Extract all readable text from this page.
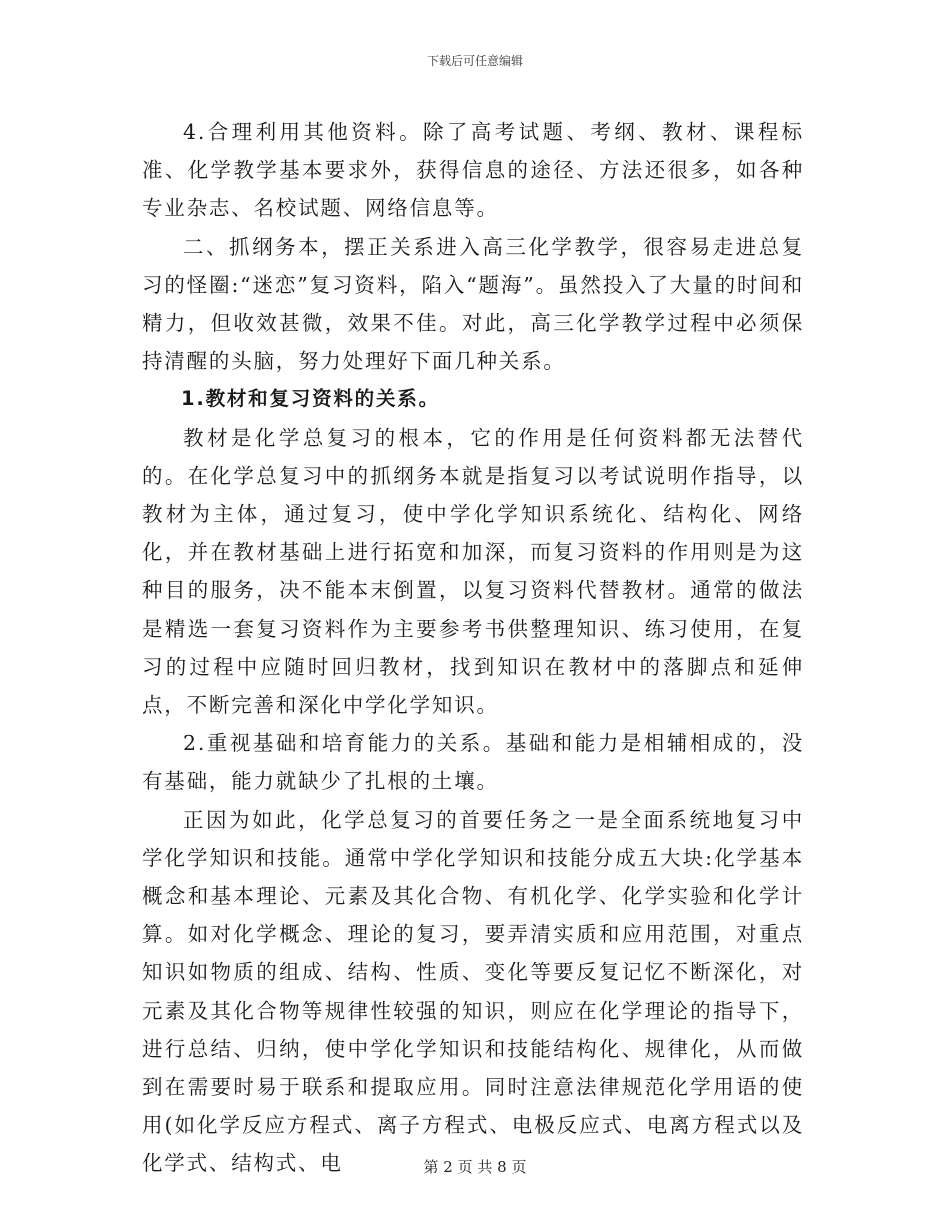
下载后可任意编辑

4.合理利用其他资料。除了高考试题、考纲、教材、课程标准、化学教学基本要求外，获得信息的途径、方法还很多，如各种专业杂志、名校试题、网络信息等。

二、抓纲务本，摆正关系进入高三化学教学，很容易走进总复习的怪圈:“迷恋”复习资料，陷入“题海”。虽然投入了大量的时间和精力，但收效甚微，效果不佳。对此，高三化学教学过程中必须保持清醒的头脑，努力处理好下面几种关系。

1.教材和复习资料的关系。

教材是化学总复习的根本，它的作用是任何资料都无法替代的。在化学总复习中的抓纲务本就是指复习以考试说明作指导，以教材为主体，通过复习，使中学化学知识系统化、结构化、网络化，并在教材基础上进行拓宽和加深，而复习资料的作用则是为这种目的服务，决不能本末倒置，以复习资料代替教材。通常的做法是精选一套复习资料作为主要参考书供整理知识、练习使用，在复习的过程中应随时回归教材，找到知识在教材中的落脚点和延伸点，不断完善和深化中学化学知识。

2.重视基础和培育能力的关系。基础和能力是相辅相成的，没有基础，能力就缺少了扎根的土壤。

正因为如此，化学总复习的首要任务之一是全面系统地复习中学化学知识和技能。通常中学化学知识和技能分成五大块:化学基本概念和基本理论、元素及其化合物、有机化学、化学实验和化学计算。如对化学概念、理论的复习，要弄清实质和应用范围，对重点知识如物质的组成、结构、性质、变化等要反复记忆不断深化，对元素及其化合物等规律性较强的知识，则应在化学理论的指导下，进行总结、归纳，使中学化学知识和技能结构化、规律化，从而做到在需要时易于联系和提取应用。同时注意法律规范化学用语的使用(如化学反应方程式、离子方程式、电极反应式、电离方程式以及化学式、结构式、电	第 2 页 共 8 页
